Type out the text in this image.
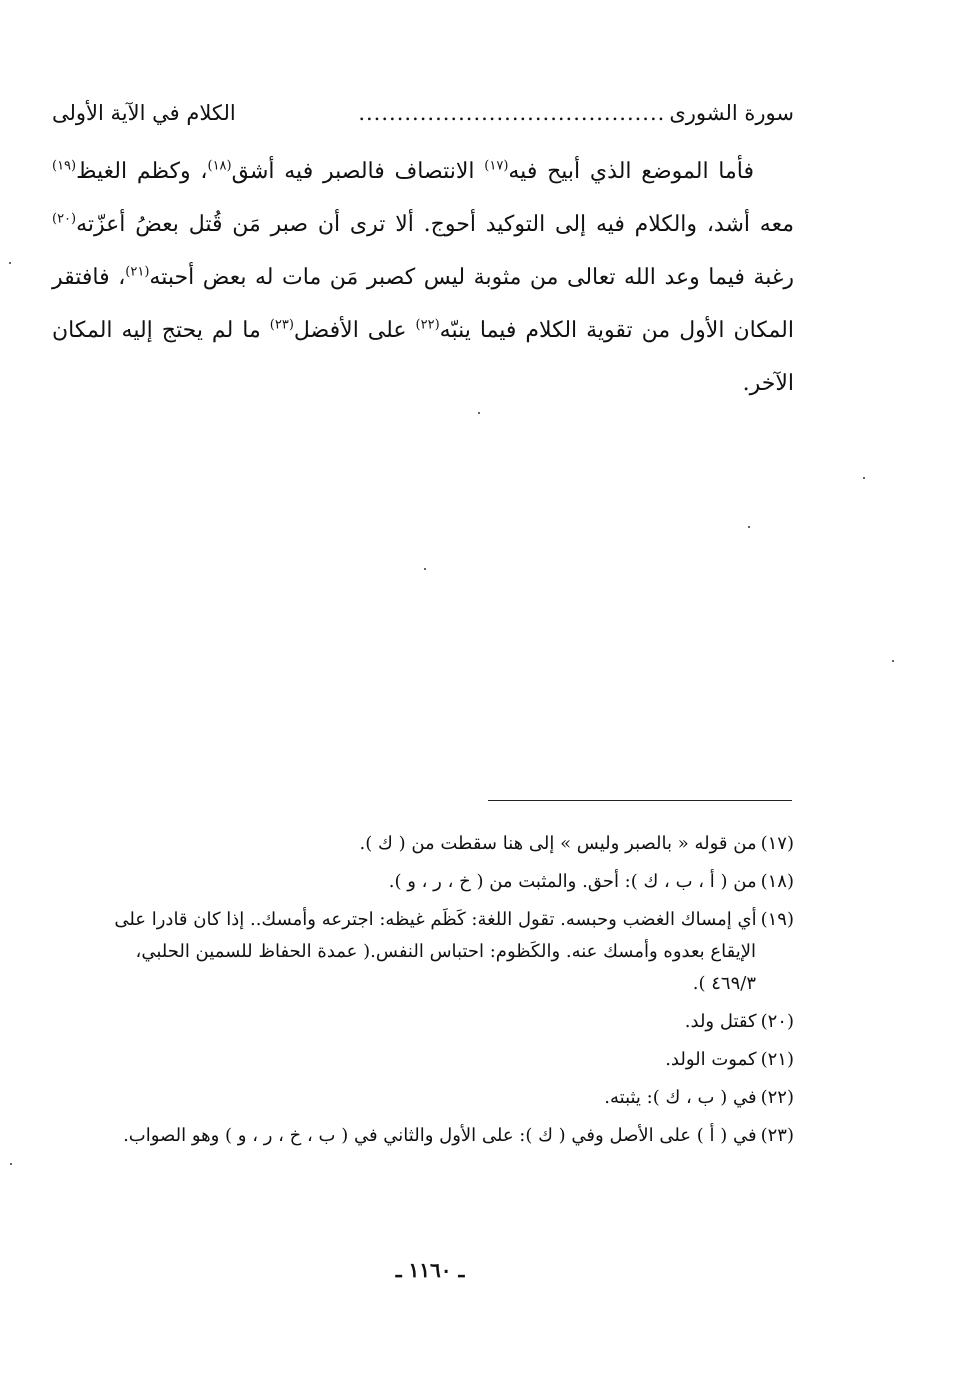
سورة الشورى
........................................
الكلام في الآية الأولى

فأما الموضع الذي أبيح فيه$^{(١٧)}$ الانتصاف فالصبر فيه أشق$^{(١٨)}$، وكظم الغيظ$^{(١٩)}$ معه أشد، والكلام فيه إلى التوكيد أحوج. ألا ترى أن صبر مَن قُتل بعضُ أعزّته$^{(٢٠)}$ رغبة فيما وعد الله تعالى من مثوبة ليس كصبر مَن مات له بعض أحبته$^{(٢١)}$، فافتقر المكان الأول من تقوية الكلام فيما ينبّه$^{(٢٢)}$ على الأفضل$^{(٢٣)}$ ما لم يحتج إليه المكان الآخر.

(١٧)من قوله « بالصبر وليس » إلى هنا سقطت من ( ك ).
(١٨)من ( أ ، ب ، ك ): أحق. والمثبت من ( خ ، ر ، و ).
(١٩)أي إمساك الغضب وحبسه. تقول اللغة: كَظَم غيظه: اجترعه وأمسك.. إذا كان قادرا على
الإيقاع بعدوه وأمسك عنه. والكَظوم: احتباس النفس.( عمدة الحفاظ للسمين الحلبي،
٤٦٩/٣ ).
(٢٠)كقتل ولد.
(٢١)كموت الولد.
(٢٢)في ( ب ، ك ): يثبته.
(٢٣)في ( أ ) على الأصل وفي ( ك ): على الأول والثاني في ( ب ، خ ، ر ، و ) وهو الصواب.
ـ ١١٦٠ ـ
